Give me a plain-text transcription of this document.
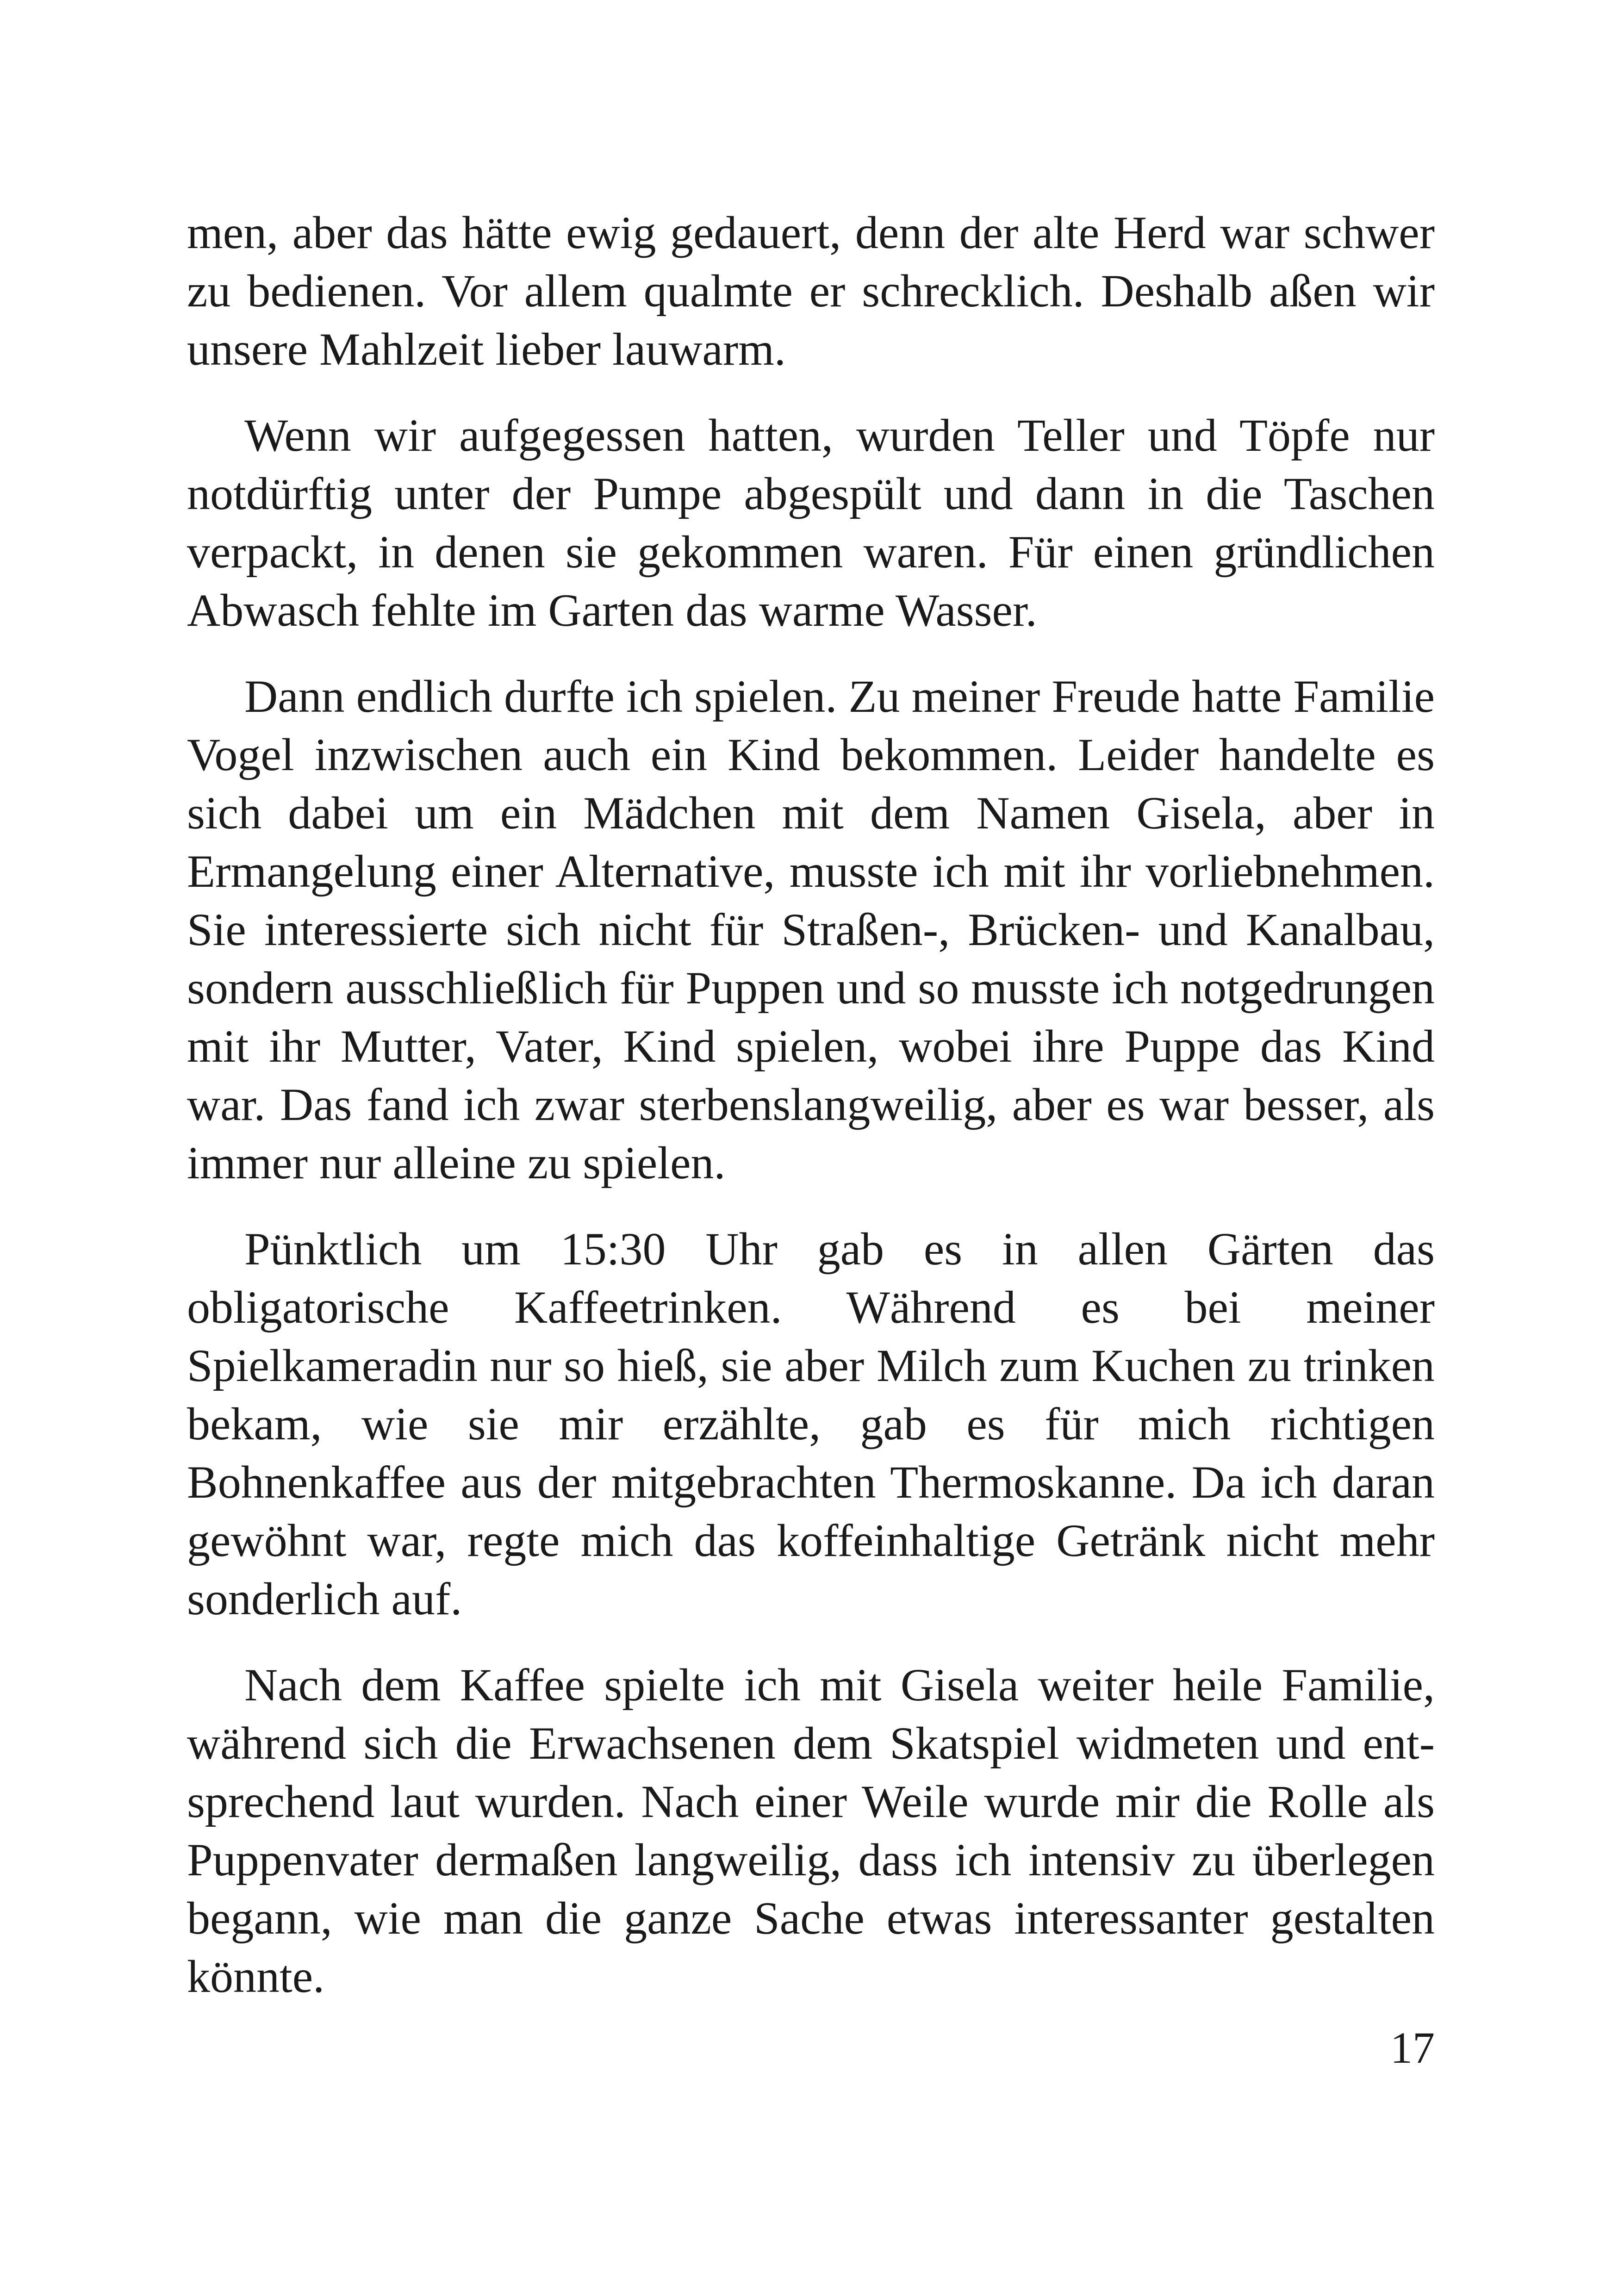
men, aber das hätte ewig gedauert, denn der alte Herd war schwer zu bedienen. Vor allem qualmte er schrecklich. Deshalb aßen wir unsere Mahlzeit lieber lauwarm.

Wenn wir aufgegessen hatten, wurden Teller und Töpfe nur notdürftig unter der Pumpe abgespült und dann in die Taschen verpackt, in denen sie gekommen waren. Für einen gründlichen Abwasch fehlte im Garten das warme Wasser.

Dann endlich durfte ich spielen. Zu meiner Freude hatte Familie Vogel inzwischen auch ein Kind bekommen. Leider handelte es sich dabei um ein Mädchen mit dem Namen Gisela, aber in Ermangelung einer Alternative, musste ich mit ihr vorliebnehmen. Sie interessierte sich nicht für Straßen-, Brücken- und Kanalbau, sondern ausschließlich für Puppen und so musste ich notgedrungen mit ihr Mutter, Vater, Kind spielen, wobei ihre Puppe das Kind war. Das fand ich zwar sterbenslangweilig, aber es war besser, als immer nur alleine zu spielen.

Pünktlich um 15:30 Uhr gab es in allen Gärten das obligatorische Kaffeetrinken. Während es bei meiner Spielkameradin nur so hieß, sie aber Milch zum Kuchen zu trinken bekam, wie sie mir erzählte, gab es für mich richtigen Bohnenkaffee aus der mitgebrachten Thermoskanne. Da ich daran gewöhnt war, regte mich das koffeinhaltige Getränk nicht mehr sonderlich auf.

Nach dem Kaffee spielte ich mit Gisela weiter heile Familie, während sich die Erwachsenen dem Skatspiel widmeten und entsprechend laut wurden. Nach einer Weile wurde mir die Rolle als Puppenvater dermaßen langweilig, dass ich intensiv zu überlegen begann, wie man die ganze Sache etwas interessanter gestalten könnte.

17
